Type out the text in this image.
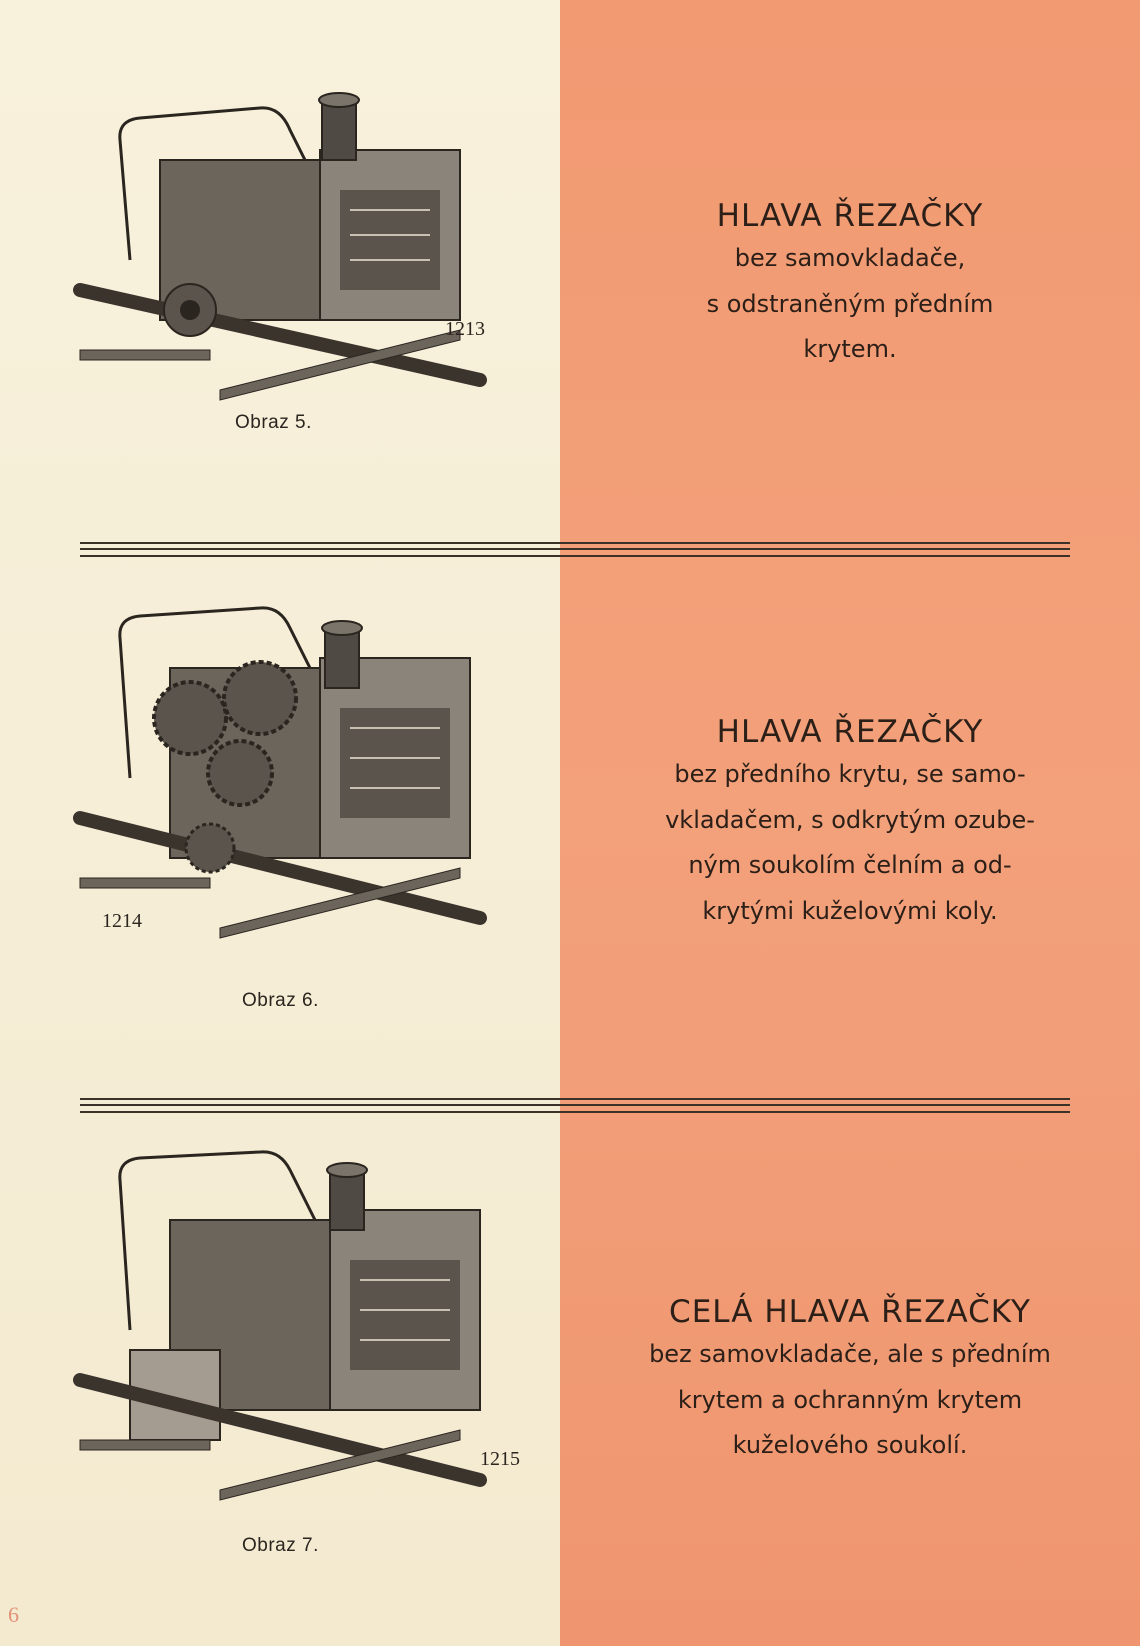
1213
Obraz 5.
HLAVA ŘEZAČKY
bez samovkladače,
s odstraněným předním
krytem.
1214
Obraz 6.
HLAVA ŘEZAČKY
bez předního krytu, se samo-
vkladačem, s odkrytým ozube-
ným soukolím čelním a od-
krytými kuželovými koly.
1215
Obraz 7.
CELÁ HLAVA ŘEZAČKY
bez samovkladače, ale s předním
krytem a ochranným krytem
kuželového soukolí.
6
